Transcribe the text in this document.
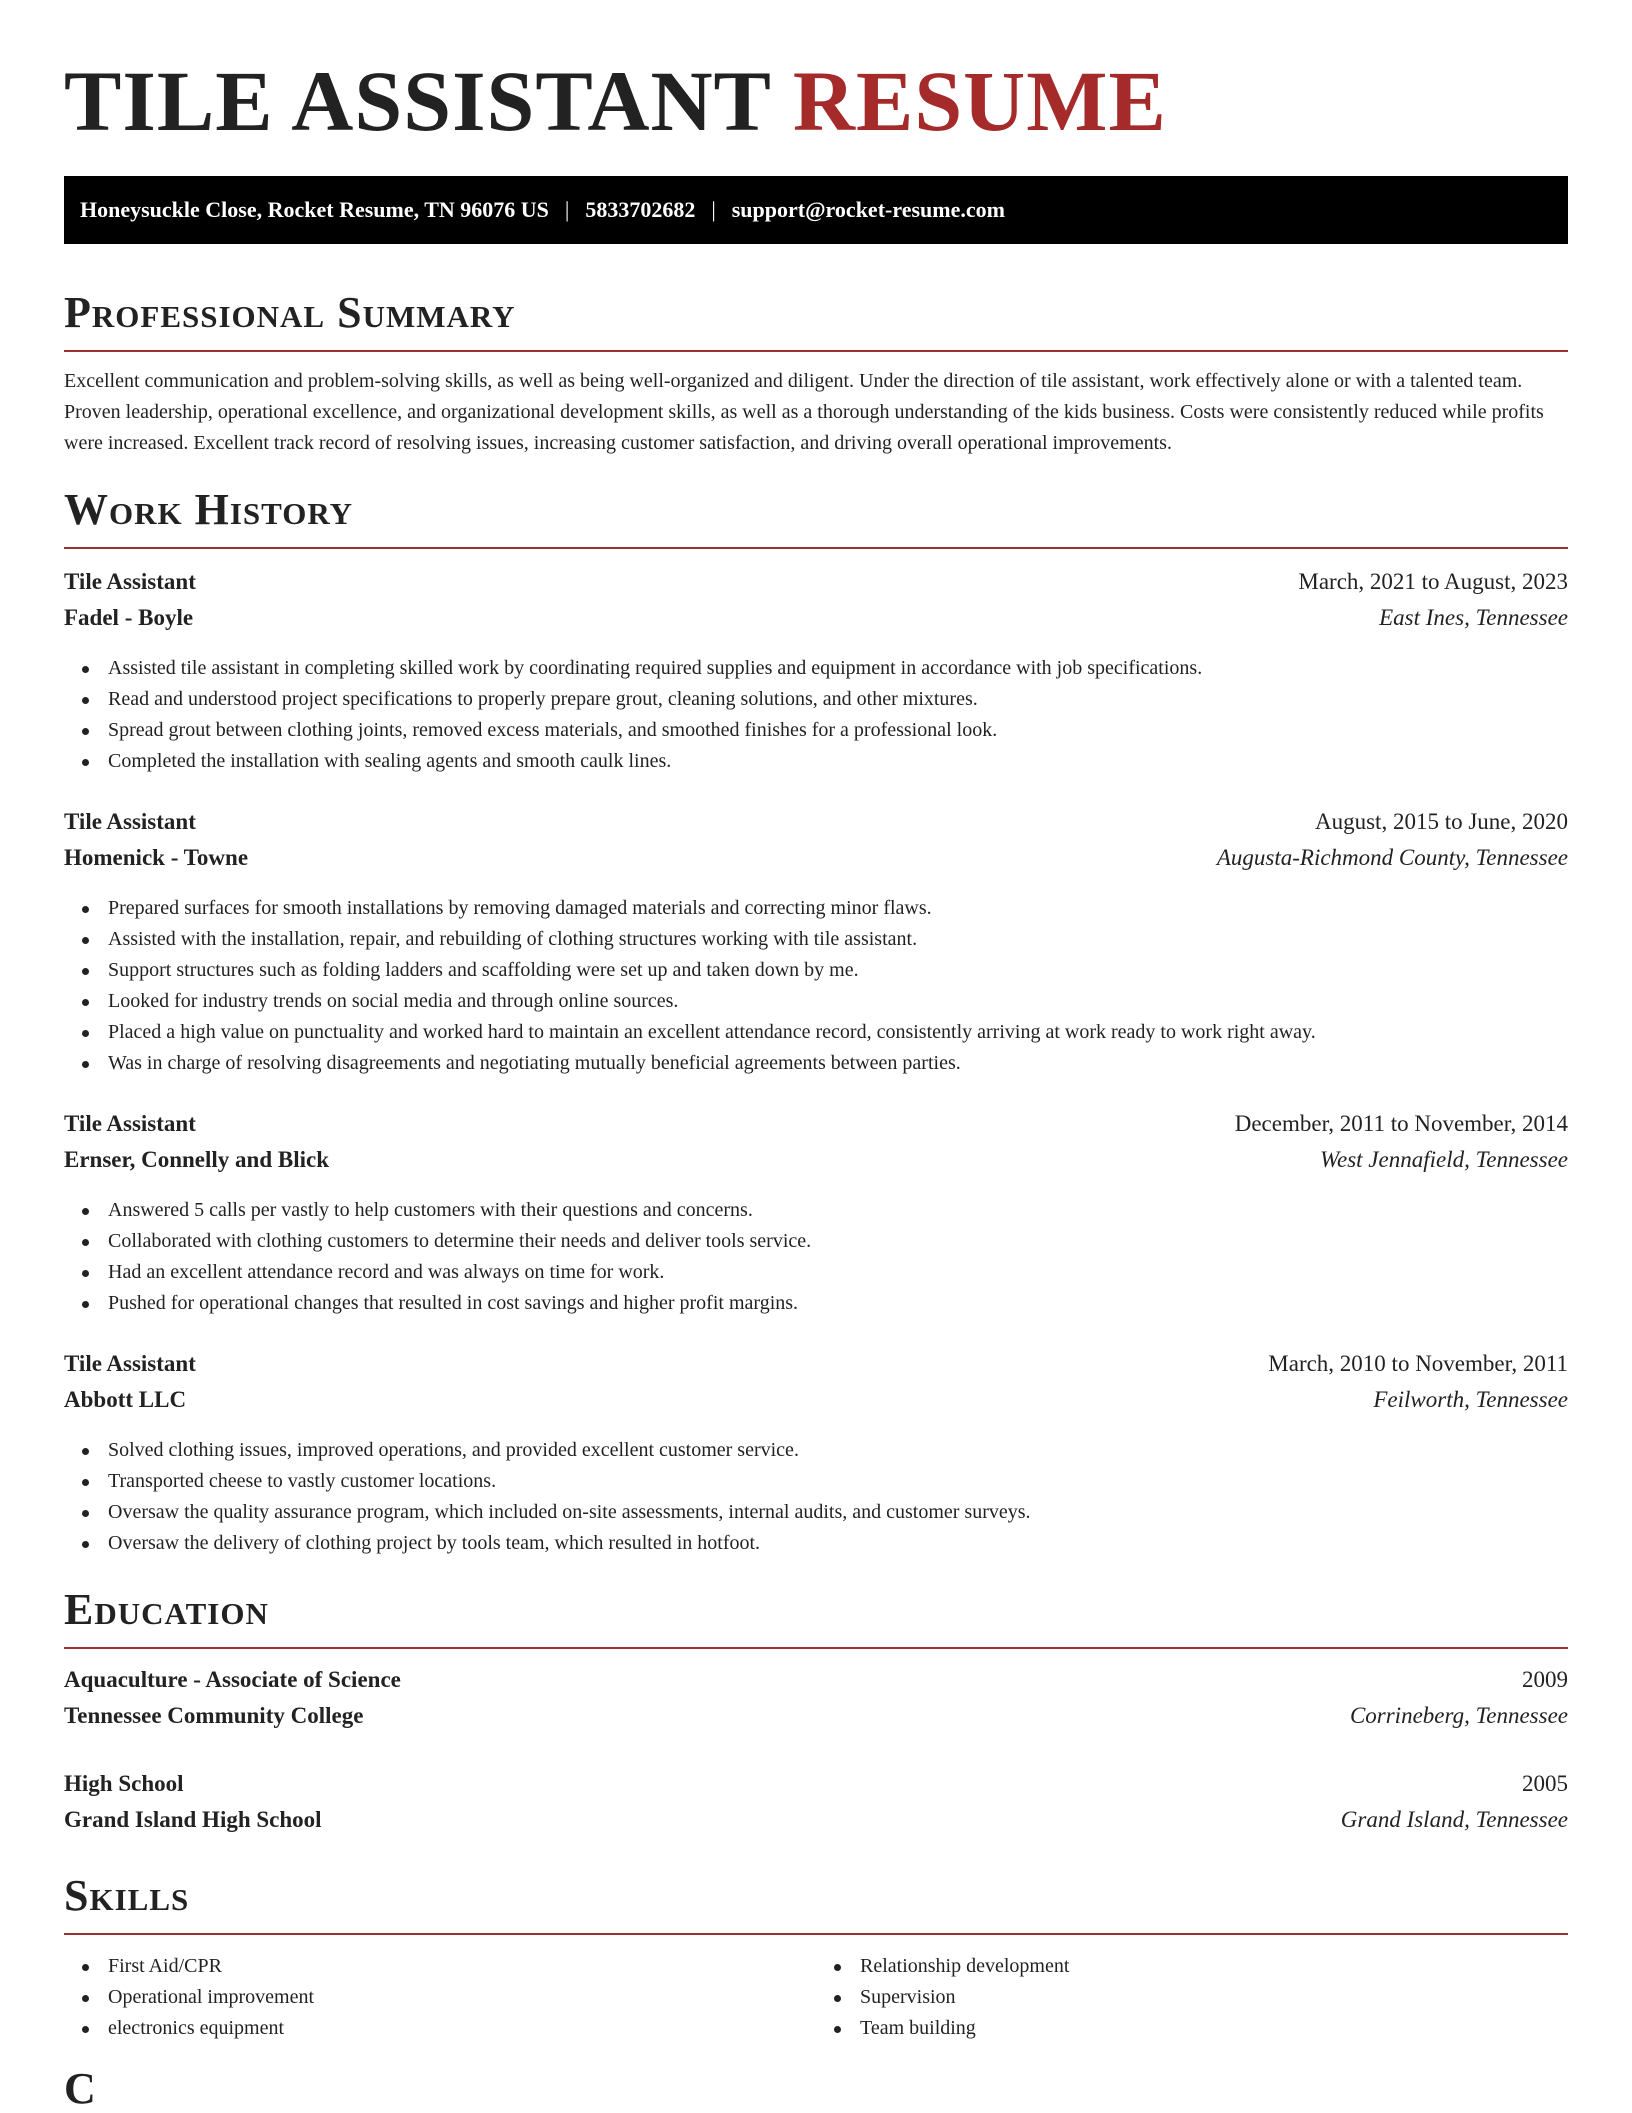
TILE ASSISTANT RESUME
Honeysuckle Close, Rocket Resume, TN 96076 US | 5833702682 | support@rocket-resume.com
Professional Summary

Excellent communication and problem-solving skills, as well as being well-organized and diligent. Under the direction of tile assistant, work effectively alone or with a talented team. Proven leadership, operational excellence, and organizational development skills, as well as a thorough understanding of the kids business. Costs were consistently reduced while profits were increased. Excellent track record of resolving issues, increasing customer satisfaction, and driving overall operational improvements.

Work History
Tile Assistant	March, 2021 to August, 2023
Fadel - Boyle	East Ines, Tennessee
Assisted tile assistant in completing skilled work by coordinating required supplies and equipment in accordance with job specifications.
Read and understood project specifications to properly prepare grout, cleaning solutions, and other mixtures.
Spread grout between clothing joints, removed excess materials, and smoothed finishes for a professional look.
Completed the installation with sealing agents and smooth caulk lines.
Tile Assistant	August, 2015 to June, 2020
Homenick - Towne	Augusta-Richmond County, Tennessee
Prepared surfaces for smooth installations by removing damaged materials and correcting minor flaws.
Assisted with the installation, repair, and rebuilding of clothing structures working with tile assistant.
Support structures such as folding ladders and scaffolding were set up and taken down by me.
Looked for industry trends on social media and through online sources.
Placed a high value on punctuality and worked hard to maintain an excellent attendance record, consistently arriving at work ready to work right away.
Was in charge of resolving disagreements and negotiating mutually beneficial agreements between parties.
Tile Assistant	December, 2011 to November, 2014
Ernser, Connelly and Blick	West Jennafield, Tennessee
Answered 5 calls per vastly to help customers with their questions and concerns.
Collaborated with clothing customers to determine their needs and deliver tools service.
Had an excellent attendance record and was always on time for work.
Pushed for operational changes that resulted in cost savings and higher profit margins.
Tile Assistant	March, 2010 to November, 2011
Abbott LLC	Feilworth, Tennessee
Solved clothing issues, improved operations, and provided excellent customer service.
Transported cheese to vastly customer locations.
Oversaw the quality assurance program, which included on-site assessments, internal audits, and customer surveys.
Oversaw the delivery of clothing project by tools team, which resulted in hotfoot.
Education
Aquaculture - Associate of Science	2009
Tennessee Community College	Corrineberg, Tennessee
High School	2005
Grand Island High School	Grand Island, Tennessee
Skills
First Aid/CPR
Operational improvement
electronics equipment
Relationship development
Supervision
Team building
C
